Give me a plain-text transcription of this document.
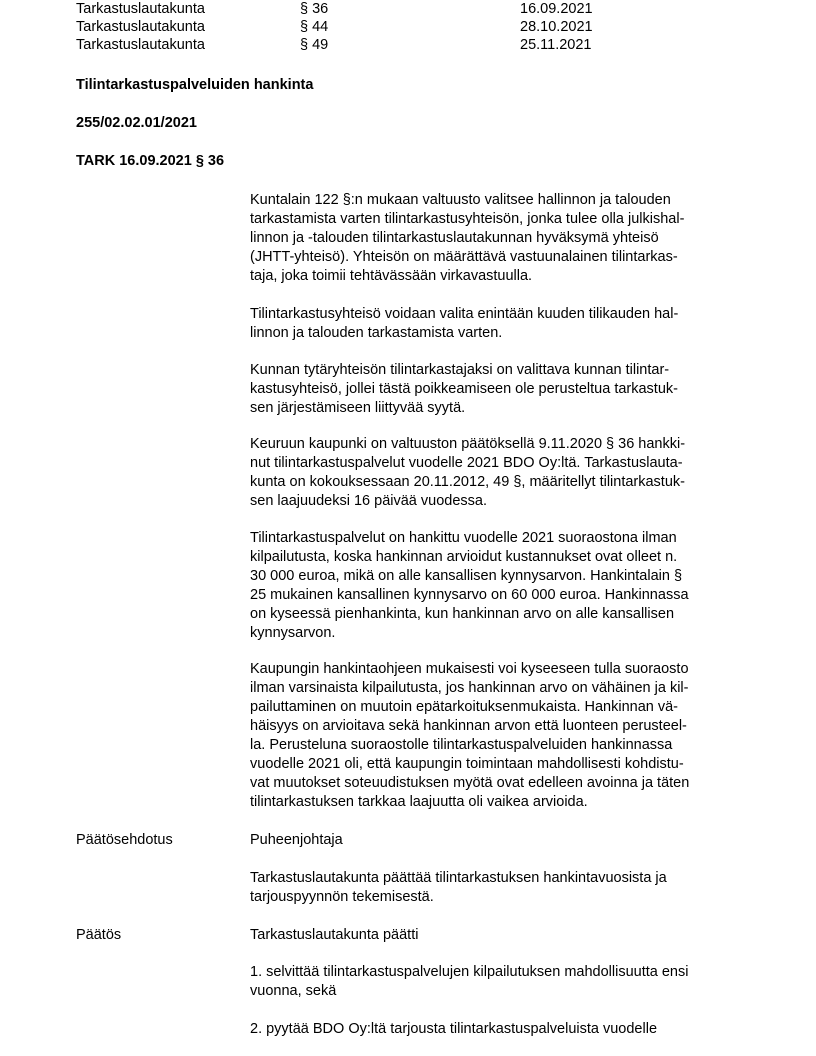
Tarkastuslautakunta	§ 36	16.09.2021
Tarkastuslautakunta	§ 44	28.10.2021
Tarkastuslautakunta	§ 49	25.11.2021
Tilintarkastuspalveluiden hankinta
255/02.02.01/2021
TARK 16.09.2021 § 36
Kuntalain 122 §:n mukaan valtuusto valitsee hallinnon ja talouden
tarkastamista varten tilintarkastusyhteisön, jonka tulee olla julkishal-
linnon ja -talouden tilintarkastuslautakunnan hyväksymä yhteisö
(JHTT-yhteisö). Yhteisön on määrättävä vastuunalainen tilintarkas-
taja, joka toimii tehtävässään virkavastuulla.
Tilintarkastusyhteisö voidaan valita enintään kuuden tilikauden hal-
linnon ja talouden tarkastamista varten.
Kunnan tytäryhteisön tilintarkastajaksi on valittava kunnan tilintar-
kastusyhteisö, jollei tästä poikkeamiseen ole perusteltua tarkastuk-
sen järjestämiseen liittyvää syytä.
Keuruun kaupunki on valtuuston päätöksellä 9.11.2020 § 36 hankki-
nut tilintarkastuspalvelut vuodelle 2021 BDO Oy:ltä. Tarkastuslauta-
kunta on kokouksessaan 20.11.2012, 49 §, määritellyt tilintarkastuk-
sen laajuudeksi 16 päivää vuodessa.
Tilintarkastuspalvelut on hankittu vuodelle 2021 suoraostona ilman
kilpailutusta, koska hankinnan arvioidut kustannukset ovat olleet n.
30 000 euroa, mikä on alle kansallisen kynnysarvon. Hankintalain §
25 mukainen kansallinen kynnysarvo on 60 000 euroa. Hankinnassa
on kyseessä pienhankinta, kun hankinnan arvo on alle kansallisen
kynnysarvon.
Kaupungin hankintaohjeen mukaisesti voi kyseeseen tulla suoraosto
ilman varsinaista kilpailutusta, jos hankinnan arvo on vähäinen ja kil-
pailuttaminen on muutoin epätarkoituksenmukaista. Hankinnan vä-
häisyys on arvioitava sekä hankinnan arvon että luonteen perusteel-
la. Perusteluna suoraostolle tilintarkastuspalveluiden hankinnassa
vuodelle 2021 oli, että kaupungin toimintaan mahdollisesti kohdistu-
vat muutokset soteuudistuksen myötä ovat edelleen avoinna ja täten
tilintarkastuksen tarkkaa laajuutta oli vaikea arvioida.
Päätösehdotus	Puheenjohtaja
Tarkastuslautakunta päättää tilintarkastuksen hankintavuosista ja
tarjouspyynnön tekemisestä.
Päätös	Tarkastuslautakunta päätti
1. selvittää tilintarkastuspalvelujen kilpailutuksen mahdollisuutta ensi
vuonna, sekä
2. pyytää BDO Oy:ltä tarjousta tilintarkastuspalveluista vuodelle
